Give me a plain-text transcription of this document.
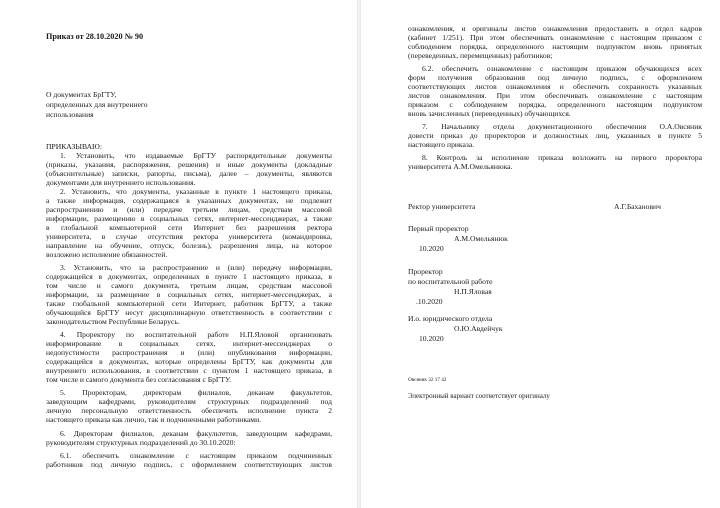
Приказ от 28.10.2020 № 90

О документах БрГТУ,

определенных для внутреннего

использования

ПРИКАЗЫВАЮ:

1. Установить, что издаваемые БрГТУ распорядительные документы

(приказы, указания, распоряжения, решения) и иные документы (докладные

(объяснительные) записки, рапорты, письма), далее – документы, являются

документами для внутреннего использования.

2. Установить, что документы, указанные в пункте 1 настоящего приказа,

а также информация, содержащаяся в указанных документах, не подлежит

распространению и (или) передаче третьим лицам, средствам массовой

информации, размещению в социальных сетях, интернет-мессенджерах, а также

в глобальной компьютерной сети Интернет без разрешения ректора

университета, в случае отсутствия ректора университета (командировка,

направление на обучение, отпуск, болезнь), разрешения лица, на которое

возложено исполнение обязанностей.

3. Установить, что за распространение и (или) передачу информации,

содержащейся в документах, определенных в пункте 1 настоящего приказа, в

том числе и самого документа, третьим лицам, средствам массовой

информации, за размещение в социальных сетях, интернет-мессенджерах, а

также глобальной компьютерной сети Интернет, работник БрГТУ, а также

обучающийся БрГТУ несут дисциплинарную ответственность в соответствии с

законодательством Республики Беларусь.

4. Проректору по воспитательной работе Н.П.Яловой организовать

информирование в социальных сетях, интернет-мессенджерах о

недопустимости распространения и (или) опубликования информации,

содержащейся в документах, которые определены БрГТУ, как документы для

внутреннего использования, в соответствии с пунктом 1 настоящего приказа, в

том числе и самого документа без согласования с БрГТУ.

5. Проректорам, директорам филиалов, деканам факультетов,

заведующим кафедрами, руководителям структурных подразделений под

личную персональную ответственность обеспечить исполнение пункта 2

настоящего приказа как лично, так и подчиненными работниками.

6. Директорам филиалов, деканам факультетов, заведующим кафедрами,

руководителям структурных подразделений до 30.10.2020:

6.1. обеспечить ознакомление с настоящим приказом подчиненных

работников под личную подпись, с оформлением соответствующих листов

ознакомления, и оригиналы листов ознакомления предоставить в отдел кадров

(кабинет 1/251). При этом обеспечивать ознакомление с настоящим приказом с

соблюдением порядка, определенного настоящим подпунктом вновь принятых

(переведенных, перемещенных) работников;

6.2. обеспечить ознакомление с настоящим приказом обучающихся всех

форм получения образования под личную подпись, с оформлением

соответствующих листов ознакомления и обеспечить сохранность указанных

листов ознакомления. При этом обеспечивать ознакомление с настоящим

приказом с соблюдением порядка, определенного настоящим подпунктом

вновь зачисленных (переведенных) обучающихся.

7. Начальнику отдела документационного обеспечения О.А.Овсяник

довести приказ до проректоров и должностных лиц, указанных в пункте 5

настоящего приказа.

8. Контроль за исполнение приказа возложить на первого проректора

университета А.М.Омельянюка.

Ректор университета	А.Г.Баханович

Первый проректор

А.М.Омельянюк

10.2020

Проректор

по воспитательной работе

Н.П.Яловая

.10.2020

И.о. юридического отдела

О.Ю.Авдейчук

10.2020

Овсяник 32 17 42

Электронный вариант соответствует оригиналу
